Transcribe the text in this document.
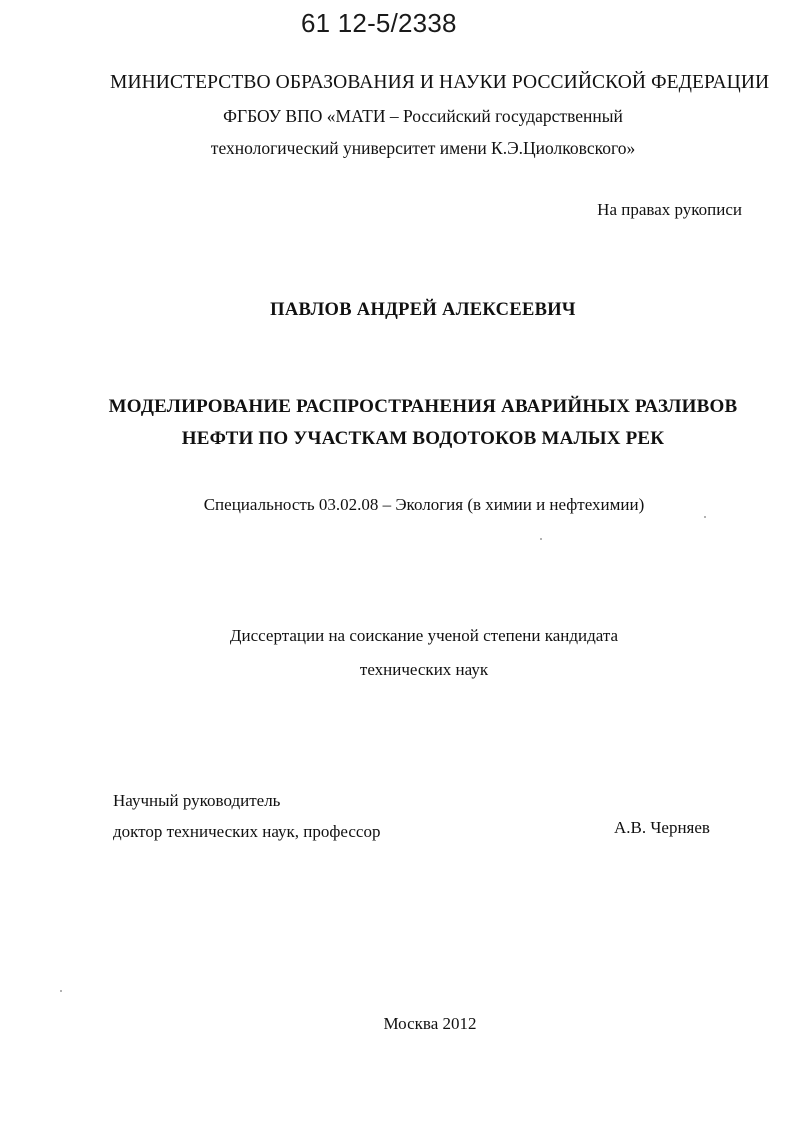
61 12-5/2338
МИНИСТЕРСТВО ОБРАЗОВАНИЯ И НАУКИ РОССИЙСКОЙ ФЕДЕРАЦИИ
ФГБОУ ВПО «МАТИ – Российский государственный
технологический университет имени К.Э.Циолковского»
На правах рукописи
ПАВЛОВ АНДРЕЙ АЛЕКСЕЕВИЧ
МОДЕЛИРОВАНИЕ РАСПРОСТРАНЕНИЯ АВАРИЙНЫХ РАЗЛИВОВ
НЕФТИ ПО УЧАСТКАМ ВОДОТОКОВ МАЛЫХ РЕК
Специальность 03.02.08 – Экология (в химии и нефтехимии)
Диссертации на соискание ученой степени кандидата
технических наук
Научный руководитель
доктор технических наук, профессор	А.В. Черняев
Москва 2012
